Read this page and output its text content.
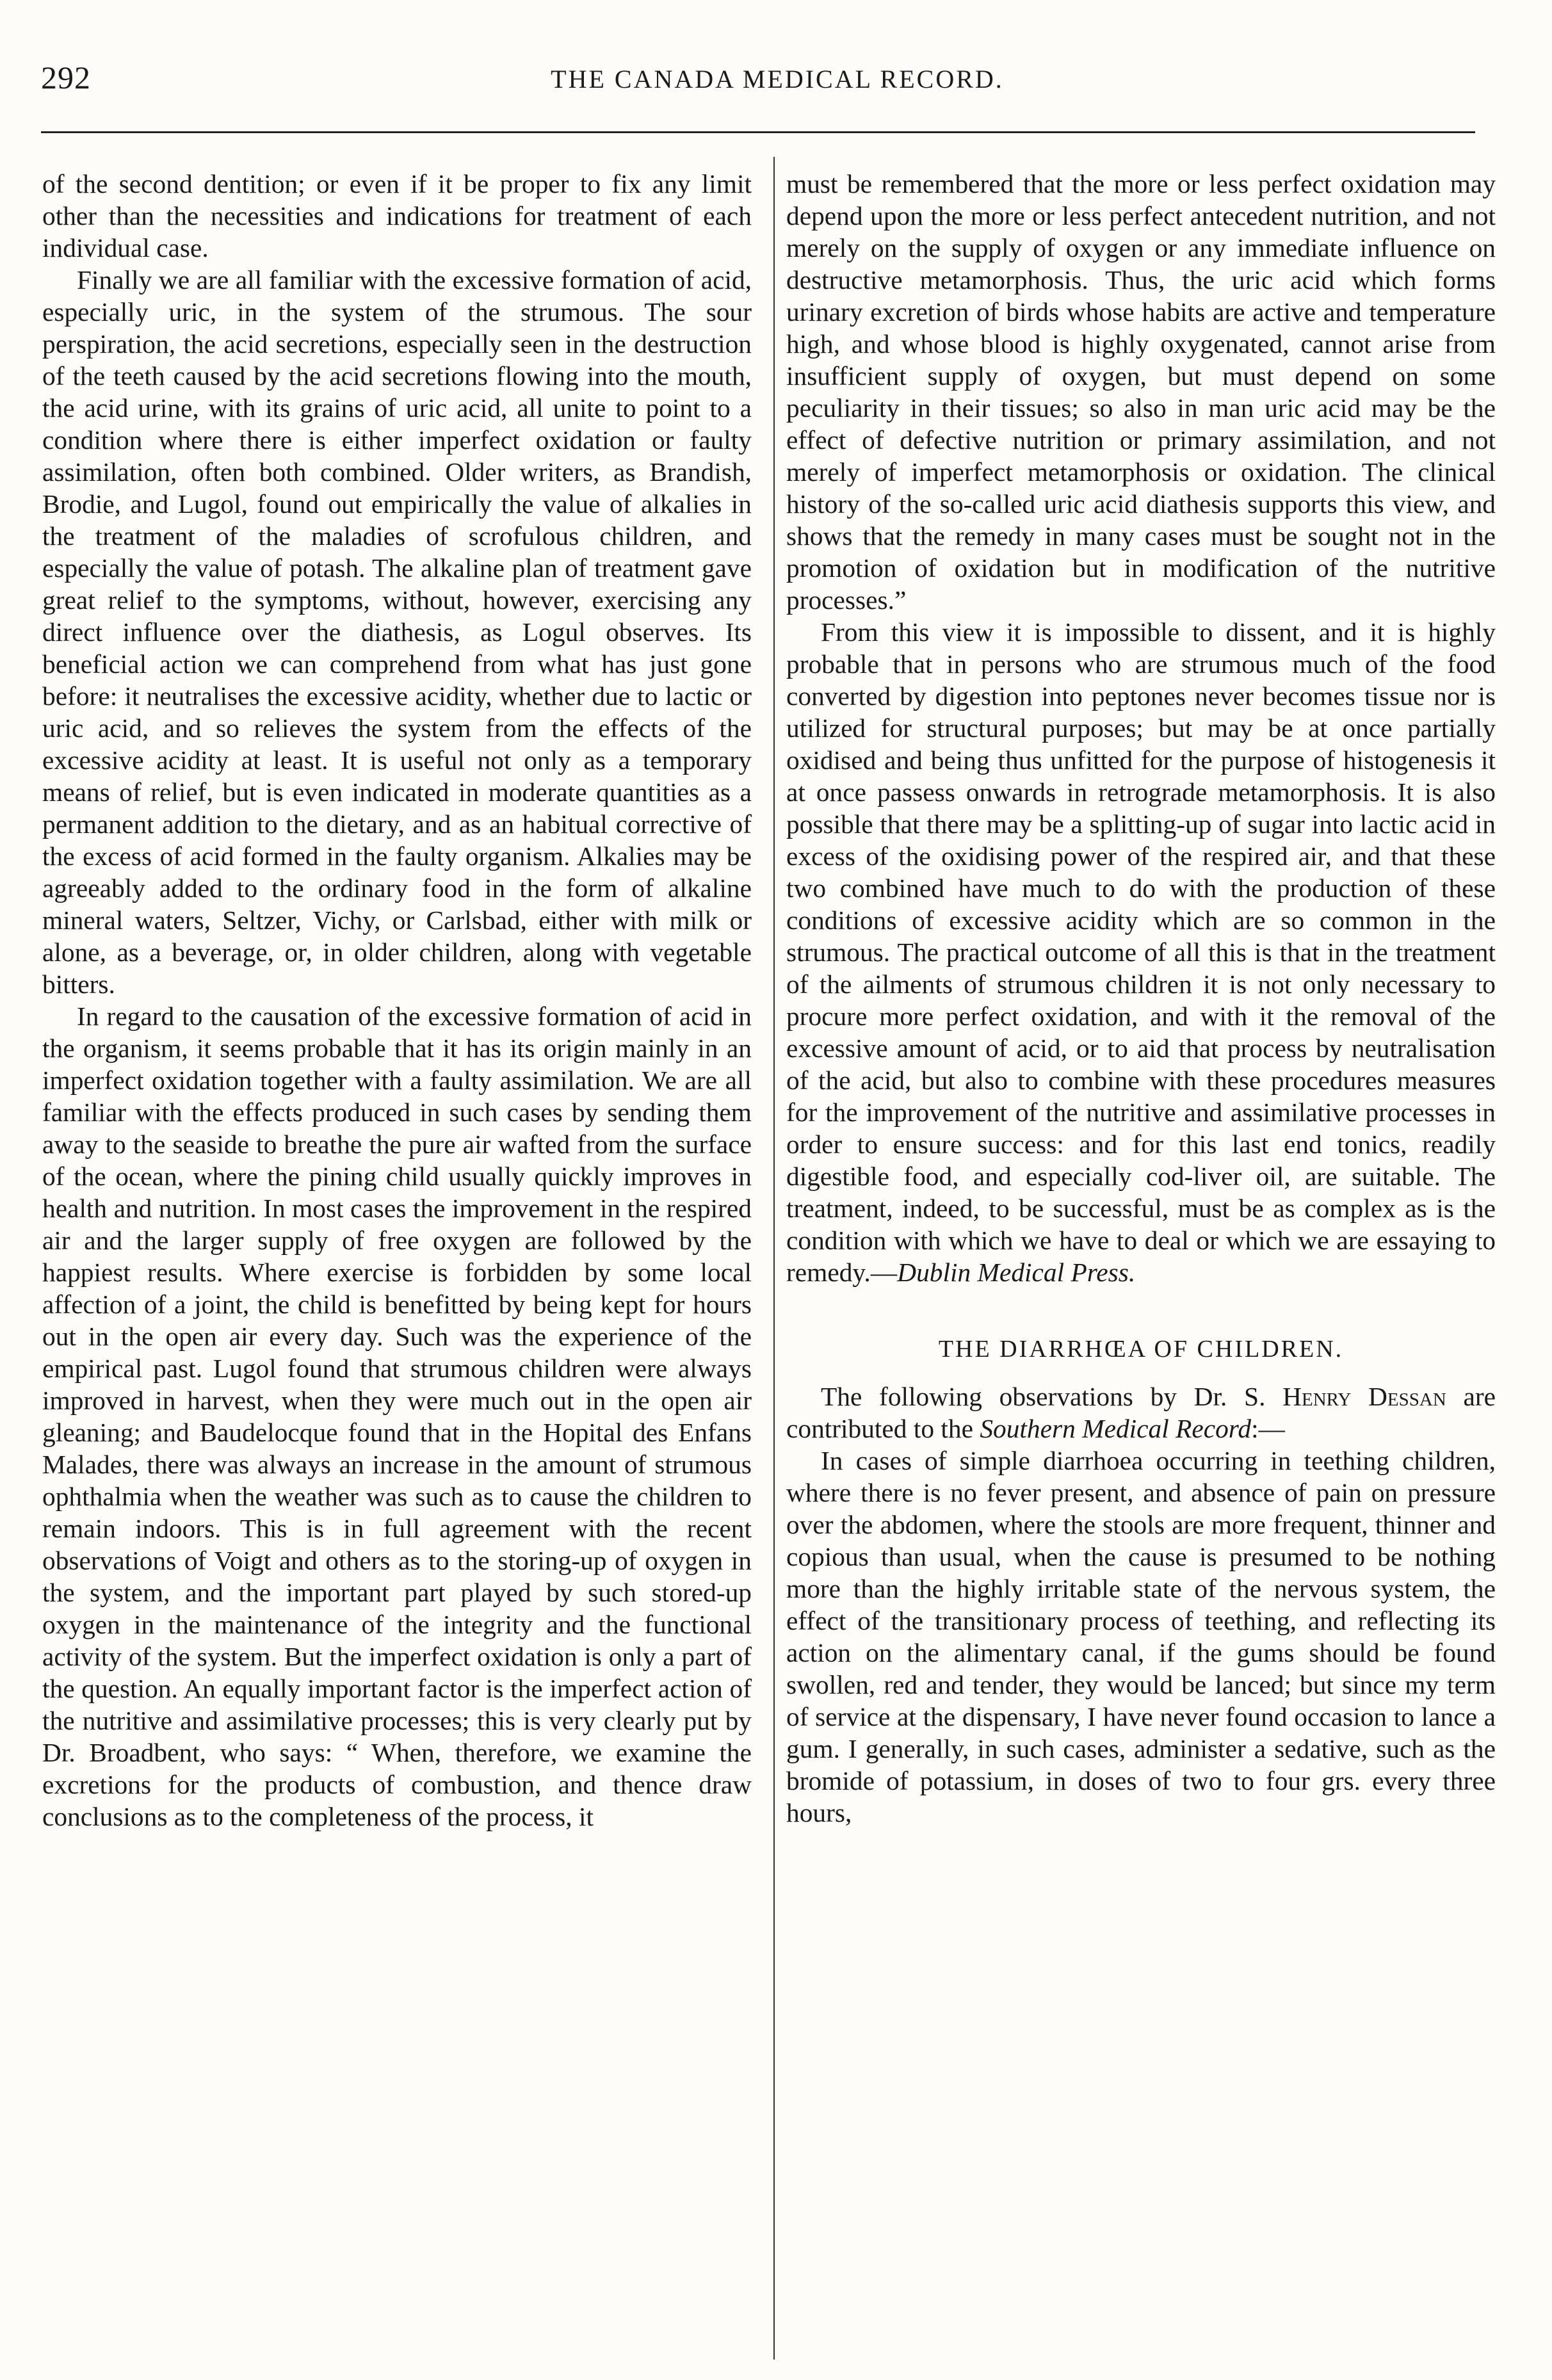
292	THE CANADA MEDICAL RECORD.

of the second dentition; or even if it be proper to fix any limit other than the necessities and indications for treatment of each individual case.

Finally we are all familiar with the excessive formation of acid, especially uric, in the system of the strumous. The sour perspiration, the acid secretions, especially seen in the destruction of the teeth caused by the acid secretions flowing into the mouth, the acid urine, with its grains of uric acid, all unite to point to a condition where there is either imperfect oxidation or faulty assimilation, often both combined. Older writers, as Brandish, Brodie, and Lugol, found out empirically the value of alkalies in the treatment of the maladies of scrofulous children, and especially the value of potash. The alkaline plan of treatment gave great relief to the symptoms, without, however, exercising any direct influence over the diathesis, as Logul observes. Its beneficial action we can comprehend from what has just gone before: it neutralises the excessive acidity, whether due to lactic or uric acid, and so relieves the system from the effects of the excessive acidity at least. It is useful not only as a temporary means of relief, but is even indicated in moderate quantities as a permanent addition to the dietary, and as an habitual corrective of the excess of acid formed in the faulty organism. Alkalies may be agreeably added to the ordinary food in the form of alkaline mineral waters, Seltzer, Vichy, or Carlsbad, either with milk or alone, as a beverage, or, in older children, along with vegetable bitters.

In regard to the causation of the excessive formation of acid in the organism, it seems probable that it has its origin mainly in an imperfect oxidation together with a faulty assimilation. We are all familiar with the effects produced in such cases by sending them away to the seaside to breathe the pure air wafted from the surface of the ocean, where the pining child usually quickly improves in health and nutrition. In most cases the improvement in the respired air and the larger supply of free oxygen are followed by the happiest results. Where exercise is forbidden by some local affection of a joint, the child is benefitted by being kept for hours out in the open air every day. Such was the experience of the empirical past. Lugol found that strumous children were always improved in harvest, when they were much out in the open air gleaning; and Baudelocque found that in the Hopital des Enfans Malades, there was always an increase in the amount of strumous ophthalmia when the weather was such as to cause the children to remain indoors. This is in full agreement with the recent observations of Voigt and others as to the storing-up of oxygen in the system, and the important part played by such stored-up oxygen in the maintenance of the integrity and the functional activity of the system. But the imperfect oxidation is only a part of the question. An equally important factor is the imperfect action of the nutritive and assimilative processes; this is very clearly put by Dr. Broadbent, who says: “ When, therefore, we examine the excretions for the products of combustion, and thence draw conclusions as to the completeness of the process, it

must be remembered that the more or less perfect oxidation may depend upon the more or less perfect antecedent nutrition, and not merely on the supply of oxygen or any immediate influence on destructive metamorphosis. Thus, the uric acid which forms urinary excretion of birds whose habits are active and temperature high, and whose blood is highly oxygenated, cannot arise from insufficient supply of oxygen, but must depend on some peculiarity in their tissues; so also in man uric acid may be the effect of defective nutrition or primary assimilation, and not merely of imperfect metamorphosis or oxidation. The clinical history of the so-called uric acid diathesis supports this view, and shows that the remedy in many cases must be sought not in the promotion of oxidation but in modification of the nutritive processes.”

From this view it is impossible to dissent, and it is highly probable that in persons who are strumous much of the food converted by digestion into peptones never becomes tissue nor is utilized for structural purposes; but may be at once partially oxidised and being thus unfitted for the purpose of histogenesis it at once passess onwards in retrograde metamorphosis. It is also possible that there may be a splitting-up of sugar into lactic acid in excess of the oxidising power of the respired air, and that these two combined have much to do with the production of these conditions of excessive acidity which are so common in the strumous. The practical outcome of all this is that in the treatment of the ailments of strumous children it is not only necessary to procure more perfect oxidation, and with it the removal of the excessive amount of acid, or to aid that process by neutralisation of the acid, but also to combine with these procedures measures for the improvement of the nutritive and assimilative processes in order to ensure success: and for this last end tonics, readily digestible food, and especially cod-liver oil, are suitable. The treatment, indeed, to be successful, must be as complex as is the condition with which we have to deal or which we are essaying to remedy.—Dublin Medical Press.

THE DIARRHŒA OF CHILDREN.

The following observations by Dr. S. Henry Dessan are contributed to the Southern Medical Record:—

In cases of simple diarrhoea occurring in teething children, where there is no fever present, and absence of pain on pressure over the abdomen, where the stools are more frequent, thinner and copious than usual, when the cause is presumed to be nothing more than the highly irritable state of the nervous system, the effect of the transitionary process of teething, and reflecting its action on the alimentary canal, if the gums should be found swollen, red and tender, they would be lanced; but since my term of service at the dispensary, I have never found occasion to lance a gum. I generally, in such cases, administer a sedative, such as the bromide of potassium, in doses of two to four grs. every three hours,
